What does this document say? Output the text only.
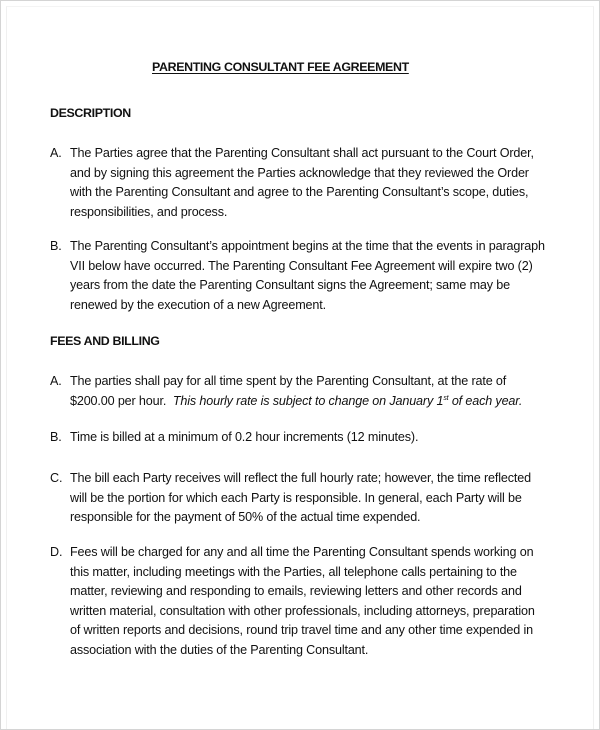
PARENTING CONSULTANT FEE AGREEMENT
DESCRIPTION
A. The Parties agree that the Parenting Consultant shall act pursuant to the Court Order,
and by signing this agreement the Parties acknowledge that they reviewed the Order
with the Parenting Consultant and agree to the Parenting Consultant’s scope, duties,
responsibilities, and process.
B. The Parenting Consultant’s appointment begins at the time that the events in paragraph
VII below have occurred. The Parenting Consultant Fee Agreement will expire two (2)
years from the date the Parenting Consultant signs the Agreement; same may be
renewed by the execution of a new Agreement.
FEES AND BILLING
A. The parties shall pay for all time spent by the Parenting Consultant, at the rate of
$200.00 per hour.  This hourly rate is subject to change on January 1st of each year.
B. Time is billed at a minimum of 0.2 hour increments (12 minutes).
C. The bill each Party receives will reflect the full hourly rate; however, the time reflected
will be the portion for which each Party is responsible. In general, each Party will be
responsible for the payment of 50% of the actual time expended.
D. Fees will be charged for any and all time the Parenting Consultant spends working on
this matter, including meetings with the Parties, all telephone calls pertaining to the
matter, reviewing and responding to emails, reviewing letters and other records and
written material, consultation with other professionals, including attorneys, preparation
of written reports and decisions, round trip travel time and any other time expended in
association with the duties of the Parenting Consultant.
